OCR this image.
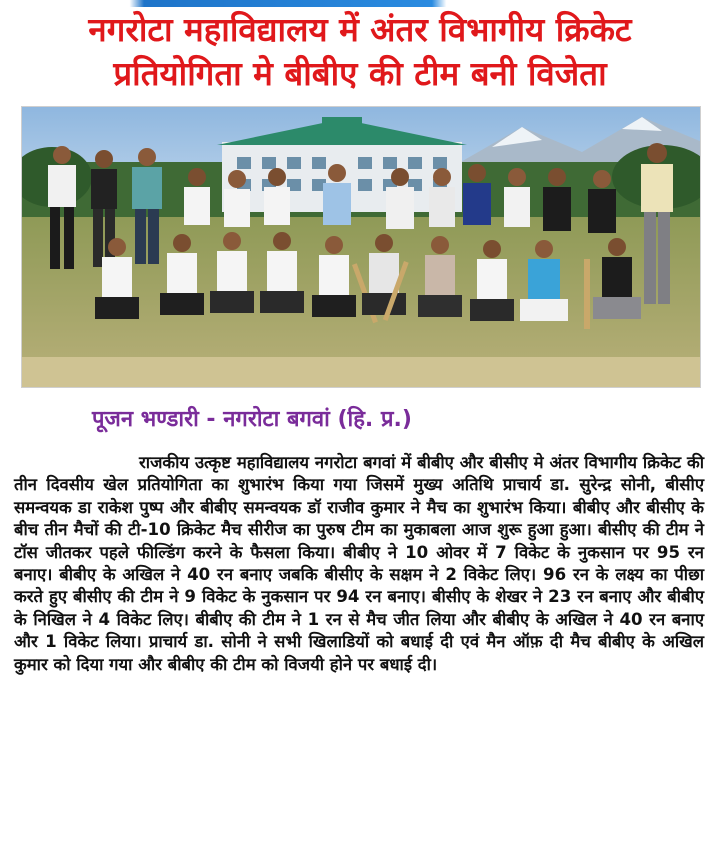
नगरोटा महाविद्यालय में अंतर विभागीय क्रिकेट
प्रतियोगिता मे बीबीए की टीम बनी विजेता
पूजन भण्डारी - नगरोटा बगवां (हि. प्र.)

राजकीय उत्कृष्ट महाविद्यालय नगरोटा बगवां में बीबीए और बीसीए मे अंतर विभागीय क्रिकेट की तीन दिवसीय खेल प्रतियोगिता का शुभारंभ किया गया जिसमें मुख्य अतिथि प्राचार्य डा. सुरेन्द्र सोनी, बीसीए समन्वयक डा राकेश पुष्प और बीबीए समन्वयक डॉ राजीव कुमार ने मैच का शुभारंभ किया। बीबीए और बीसीए के बीच तीन मैचों की टी-10 क्रिकेट मैच सीरीज का पुरुष टीम का मुकाबला आज शुरू हुआ हुआ। बीसीए की टीम ने टॉस जीतकर पहले फील्डिंग करने के फैसला किया। बीबीए ने 10 ओवर में 7 विकेट के नुकसान पर 95 रन बनाए। बीबीए के अखिल ने 40 रन बनाए जबकि बीसीए के सक्षम ने 2 विकेट लिए। 96 रन के लक्ष्य का पीछा करते हुए बीसीए की टीम ने 9 विकेट के नुकसान पर 94 रन बनाए। बीसीए के शेखर ने 23 रन बनाए और बीबीए के निखिल ने 4 विकेट लिए। बीबीए की टीम ने 1 रन से मैच जीत लिया और बीबीए के अखिल ने 40 रन बनाए और 1 विकेट लिया। प्राचार्य डा. सोनी ने सभी खिलाडियों को बधाई दी एवं मैन ऑफ़ दी मैच बीबीए के अखिल कुमार को दिया गया और बीबीए की टीम को विजयी होने पर बधाई दी।
